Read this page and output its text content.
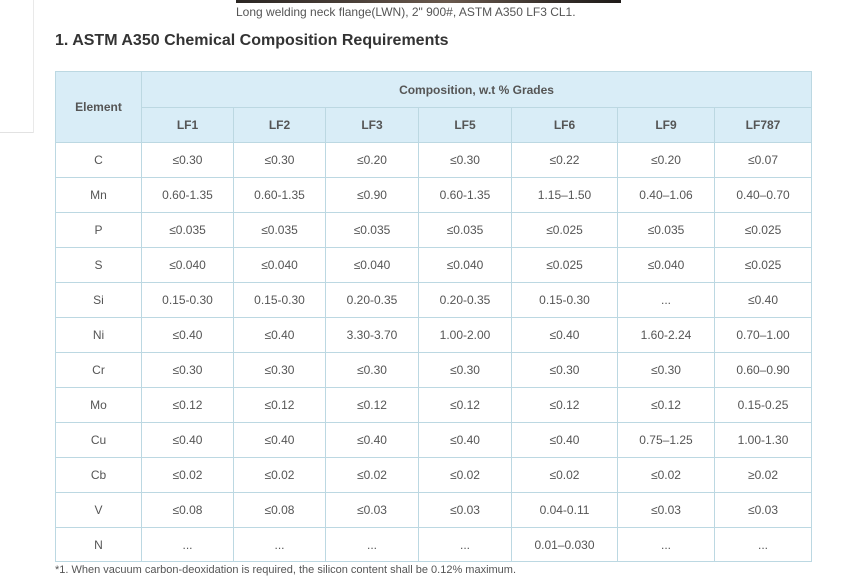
Long welding neck flange(LWN), 2" 900#, ASTM A350 LF3 CL1.
1. ASTM A350 Chemical Composition Requirements
Element	Composition, w.t % Grades						
	LF1	LF2	LF3	LF5	LF6	LF9	LF787
C	≤0.30	≤0.30	≤0.20	≤0.30	≤0.22	≤0.20	≤0.07
Mn	0.60-1.35	0.60-1.35	≤0.90	0.60-1.35	1.15–1.50	0.40–1.06	0.40–0.70
P	≤0.035	≤0.035	≤0.035	≤0.035	≤0.025	≤0.035	≤0.025
S	≤0.040	≤0.040	≤0.040	≤0.040	≤0.025	≤0.040	≤0.025
Si	0.15-0.30	0.15-0.30	0.20-0.35	0.20-0.35	0.15-0.30	...	≤0.40
Ni	≤0.40	≤0.40	3.30-3.70	1.00-2.00	≤0.40	1.60-2.24	0.70–1.00
Cr	≤0.30	≤0.30	≤0.30	≤0.30	≤0.30	≤0.30	0.60–0.90
Mo	≤0.12	≤0.12	≤0.12	≤0.12	≤0.12	≤0.12	0.15-0.25
Cu	≤0.40	≤0.40	≤0.40	≤0.40	≤0.40	0.75–1.25	1.00-1.30
Cb	≤0.02	≤0.02	≤0.02	≤0.02	≤0.02	≤0.02	≥0.02
V	≤0.08	≤0.08	≤0.03	≤0.03	0.04-0.11	≤0.03	≤0.03
N	...	...	...	...	0.01–0.030	...	...
*1. When vacuum carbon-deoxidation is required, the silicon content shall be 0.12% maximum.
